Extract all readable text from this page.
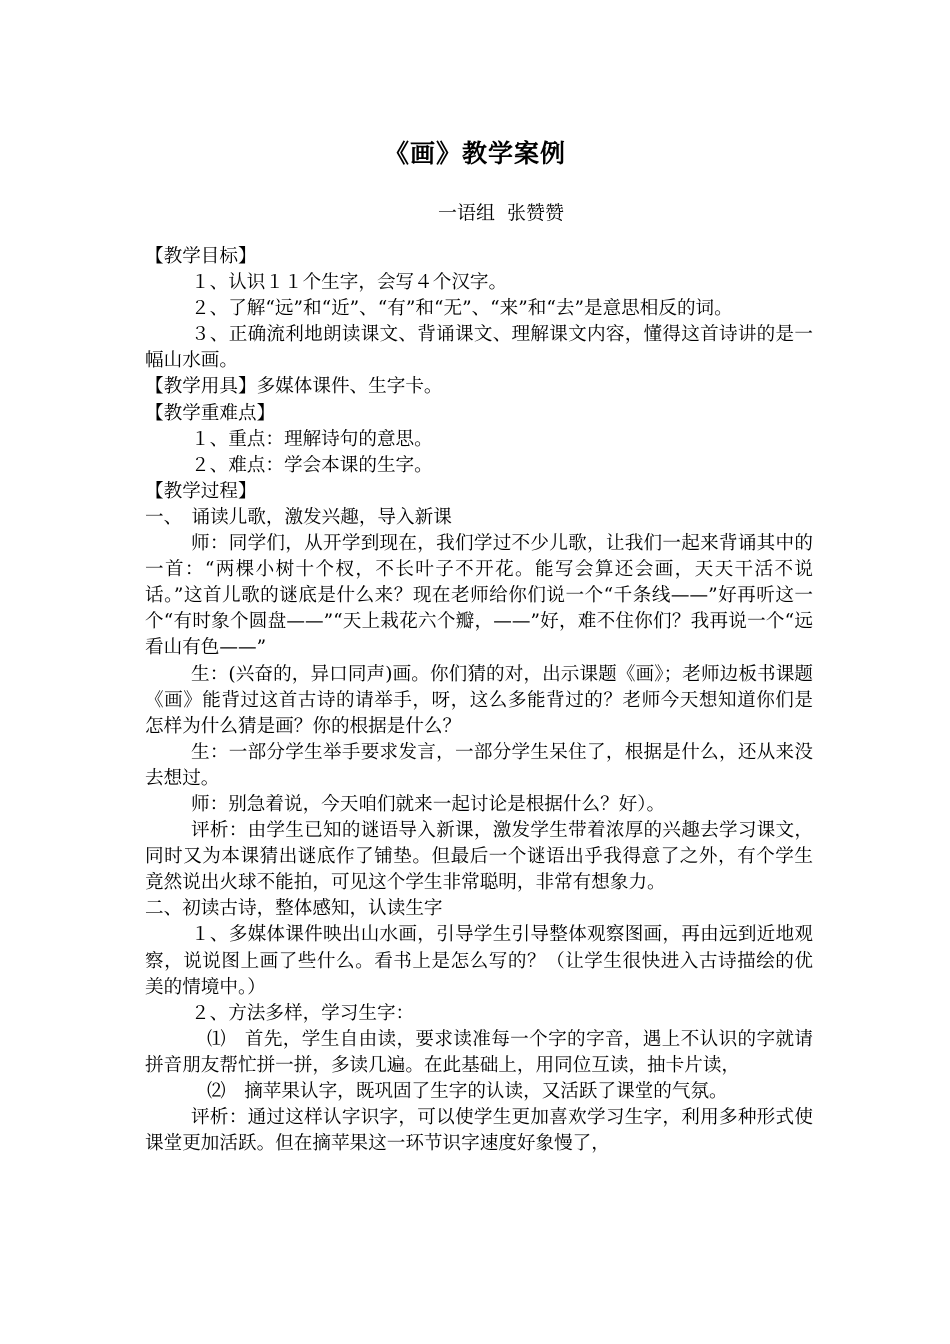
《画》教学案例
一语组 张赞赞

【教学目标】

１、认识１１个生字，会写４个汉字。

２、了解“远”和“近”、“有”和“无”、“来”和“去”是意思相反的词。

３、正确流利地朗读课文、背诵课文、理解课文内容，懂得这首诗讲的是一幅山水画。

【教学用具】多媒体课件、生字卡。

【教学重难点】

１、重点：理解诗句的意思。

２、难点：学会本课的生字。

【教学过程】

一、　诵读儿歌，激发兴趣，导入新课

师：同学们，从开学到现在，我们学过不少儿歌，让我们一起来背诵其中的一首：“两棵小树十个杈，不长叶子不开花。能写会算还会画，天天干活不说话。”这首儿歌的谜底是什么来？现在老师给你们说一个“千条线——”好再听这一个“有时象个圆盘——”“天上栽花六个瓣，——”好，难不住你们？我再说一个“远看山有色——”

生：(兴奋的，异口同声)画。你们猜的对，出示课题《画》；老师边板书课题《画》能背过这首古诗的请举手，呀，这么多能背过的？老师今天想知道你们是怎样为什么猜是画？你的根据是什么？

生：一部分学生举手要求发言，一部分学生呆住了，根据是什么，还从来没去想过。

师：别急着说，今天咱们就来一起讨论是根据什么？好）。

评析：由学生已知的谜语导入新课，激发学生带着浓厚的兴趣去学习课文，同时又为本课猜出谜底作了铺垫。但最后一个谜语出乎我得意了之外，有个学生竟然说出火球不能拍，可见这个学生非常聪明，非常有想象力。

二、初读古诗，整体感知，认读生字

１、多媒体课件映出山水画，引导学生引导整体观察图画，再由远到近地观察，说说图上画了些什么。看书上是怎么写的？（让学生很快进入古诗描绘的优美的情境中。）

２、方法多样，学习生字：

⑴　首先，学生自由读，要求读准每一个字的字音，遇上不认识的字就请拼音朋友帮忙拼一拼，多读几遍。在此基础上，用同位互读，抽卡片读，

⑵　摘苹果认字，既巩固了生字的认读，又活跃了课堂的气氛。

评析：通过这样认字识字，可以使学生更加喜欢学习生字，利用多种形式使课堂更加活跃。但在摘苹果这一环节识字速度好象慢了，
